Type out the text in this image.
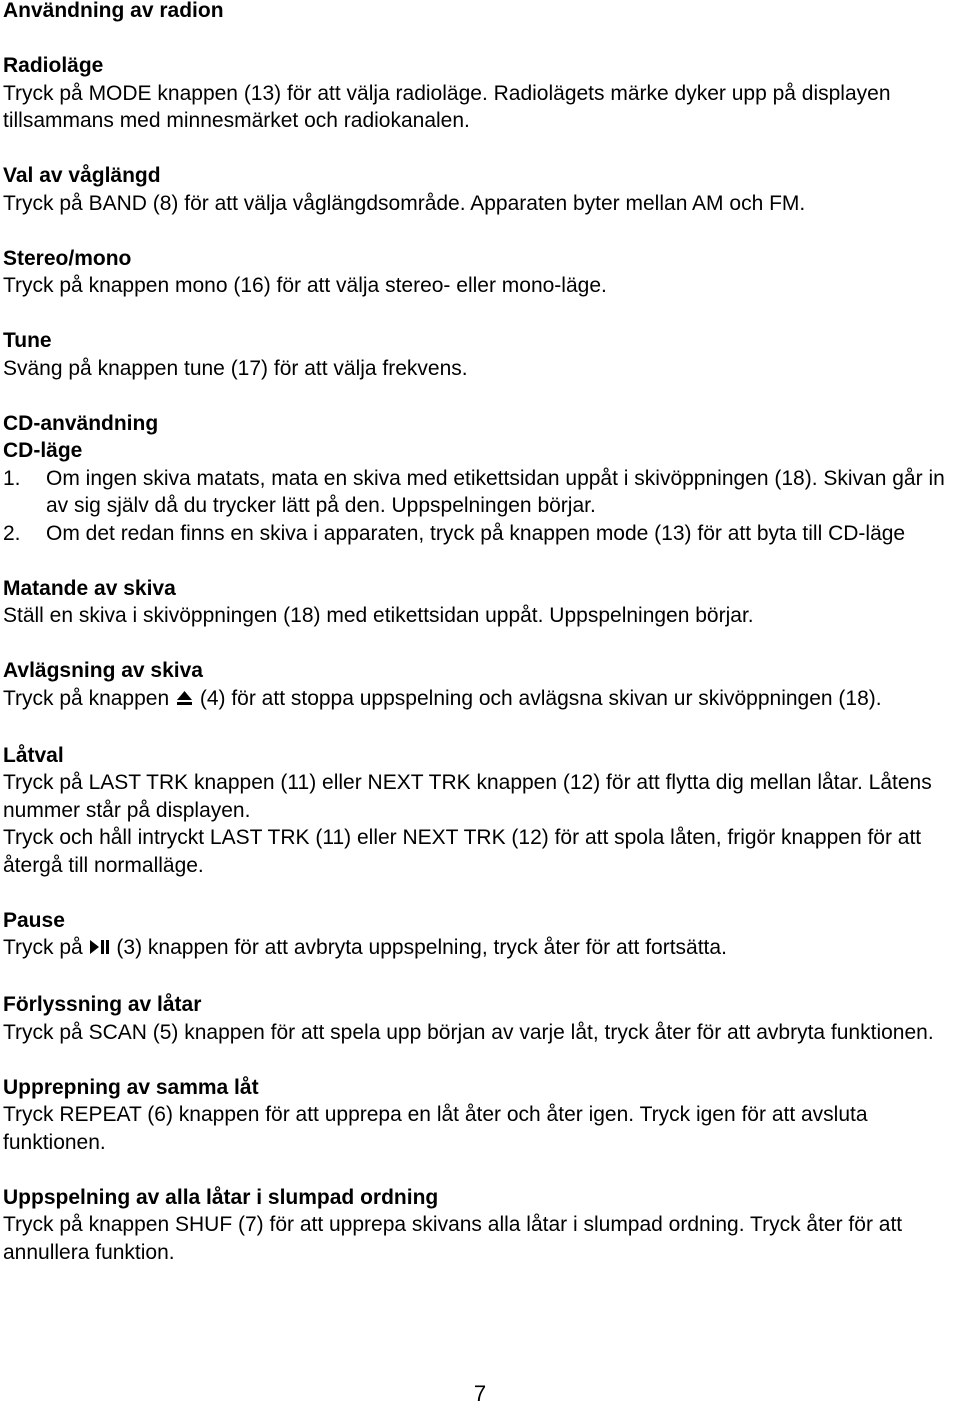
Användning av radion

Radioläge

Tryck på MODE knappen (13) för att välja radioläge. Radiolägets märke dyker upp på displayen tillsammans med minnesmärket och radiokanalen.

Val av våglängd

Tryck på BAND (8) för att välja våglängdsområde. Apparaten byter mellan AM och FM.

Stereo/mono

Tryck på knappen mono (16) för att välja stereo- eller mono-läge.

Tune

Sväng på knappen tune (17) för att välja frekvens.

CD-användning

CD-läge

1.	Om ingen skiva matats, mata en skiva med etikettsidan uppåt i skivöppningen (18). Skivan går in av sig själv då du trycker lätt på den. Uppspelningen börjar.
2.	Om det redan finns en skiva i apparaten, tryck på knappen mode (13) för att byta till CD-läge

Matande av skiva

Ställ en skiva i skivöppningen (18) med etikettsidan uppåt. Uppspelningen börjar.

Avlägsning av skiva

Tryck på knappen (4) för att stoppa uppspelning och avlägsna skivan ur skivöppningen (18).

Låtval

Tryck på LAST TRK knappen (11) eller NEXT TRK knappen (12) för att flytta dig mellan låtar. Låtens nummer står på displayen.

Tryck och håll intryckt LAST TRK (11) eller NEXT TRK (12) för att spola låten, frigör knappen för att återgå till normalläge.

Pause

Tryck på (3) knappen för att avbryta uppspelning, tryck åter för att fortsätta.

Förlyssning av låtar

Tryck på SCAN (5) knappen för att spela upp början av varje låt, tryck åter för att avbryta funktionen.

Upprepning av samma låt

Tryck REPEAT (6) knappen för att upprepa en låt åter och åter igen. Tryck igen för att avsluta funktionen.

Uppspelning av alla låtar i slumpad ordning

Tryck på knappen SHUF (7) för att upprepa skivans alla låtar i slumpad ordning. Tryck åter för att annullera funktion.

7
